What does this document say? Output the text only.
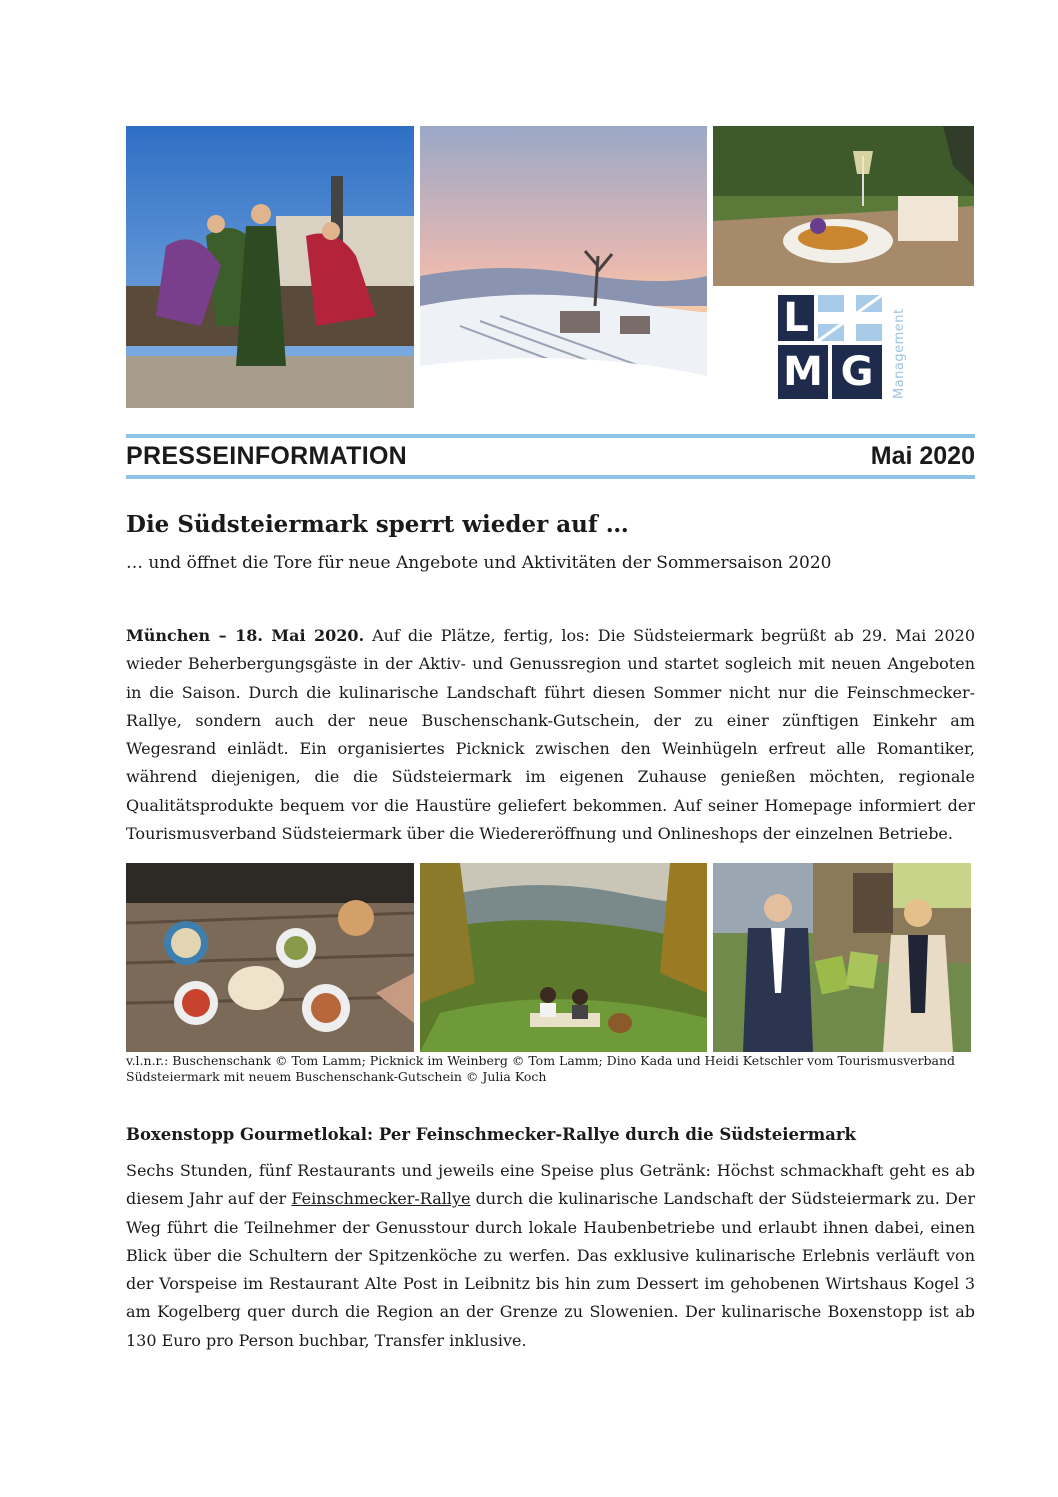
L
M G	Management
PRESSEINFORMATION	Mai 2020
Die Südsteiermark sperrt wieder auf …
… und öffnet die Tore für neue Angebote und Aktivitäten der Sommersaison 2020
München – 18. Mai 2020. Auf die Plätze, fertig, los: Die Südsteiermark begrüßt ab 29. Mai 2020 wieder Beherbergungsgäste in der Aktiv- und Genussregion und startet sogleich mit neuen Angeboten in die Saison. Durch die kulinarische Landschaft führt diesen Sommer nicht nur die Feinschmecker-Rallye, sondern auch der neue Buschenschank-Gutschein, der zu einer zünftigen Einkehr am Wegesrand einlädt. Ein organisiertes Picknick zwischen den Weinhügeln erfreut alle Romantiker, während diejenigen, die die Südsteiermark im eigenen Zuhause genießen möchten, regionale Qualitätsprodukte bequem vor die Haustüre geliefert bekommen. Auf seiner Homepage informiert der Tourismusverband Südsteiermark über die Wiedereröffnung und Onlineshops der einzelnen Betriebe.
v.l.n.r.: Buschenschank © Tom Lamm; Picknick im Weinberg © Tom Lamm; Dino Kada und Heidi Ketschler vom Tourismusverband Südsteiermark mit neuem Buschenschank-Gutschein © Julia Koch
Boxenstopp Gourmetlokal: Per Feinschmecker-Rallye durch die Südsteiermark
Sechs Stunden, fünf Restaurants und jeweils eine Speise plus Getränk: Höchst schmackhaft geht es ab diesem Jahr auf der Feinschmecker-Rallye durch die kulinarische Landschaft der Südsteiermark zu. Der Weg führt die Teilnehmer der Genusstour durch lokale Haubenbetriebe und erlaubt ihnen dabei, einen Blick über die Schultern der Spitzenköche zu werfen. Das exklusive kulinarische Erlebnis verläuft von der Vorspeise im Restaurant Alte Post in Leibnitz bis hin zum Dessert im gehobenen Wirtshaus Kogel 3 am Kogelberg quer durch die Region an der Grenze zu Slowenien. Der kulinarische Boxenstopp ist ab 130 Euro pro Person buchbar, Transfer inklusive.
